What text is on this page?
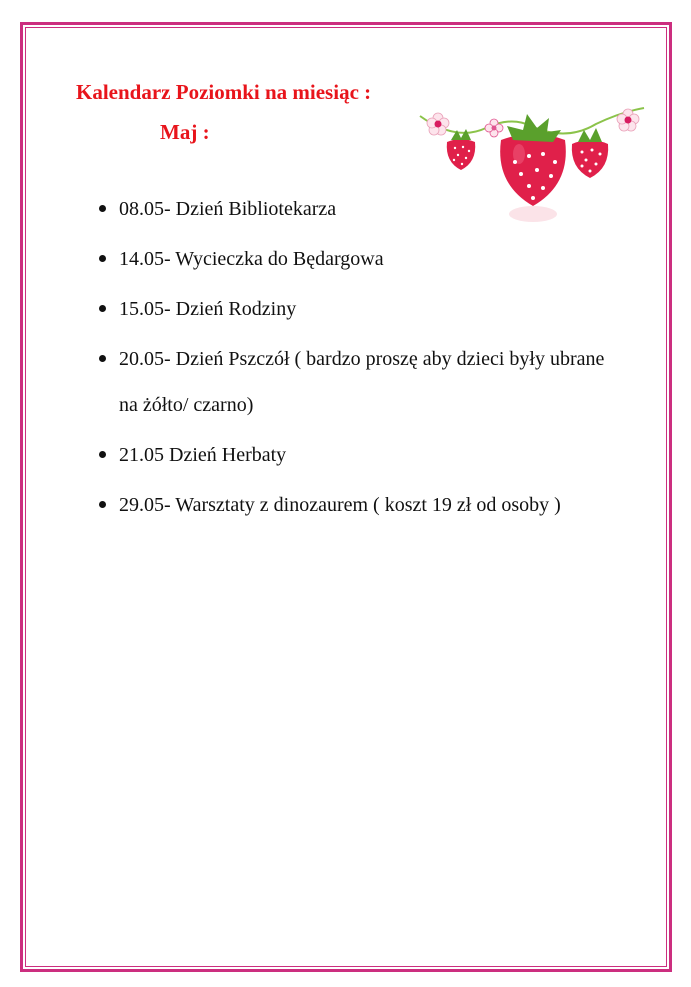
Kalendarz Poziomki na miesiąc :
Maj :
08.05- Dzień Bibliotekarza
14.05- Wycieczka do Będargowa
15.05- Dzień Rodziny
20.05- Dzień Pszczół ( bardzo proszę aby dzieci były ubrane na żółto/ czarno)
21.05 Dzień Herbaty
29.05- Warsztaty z dinozaurem ( koszt 19 zł od osoby )
